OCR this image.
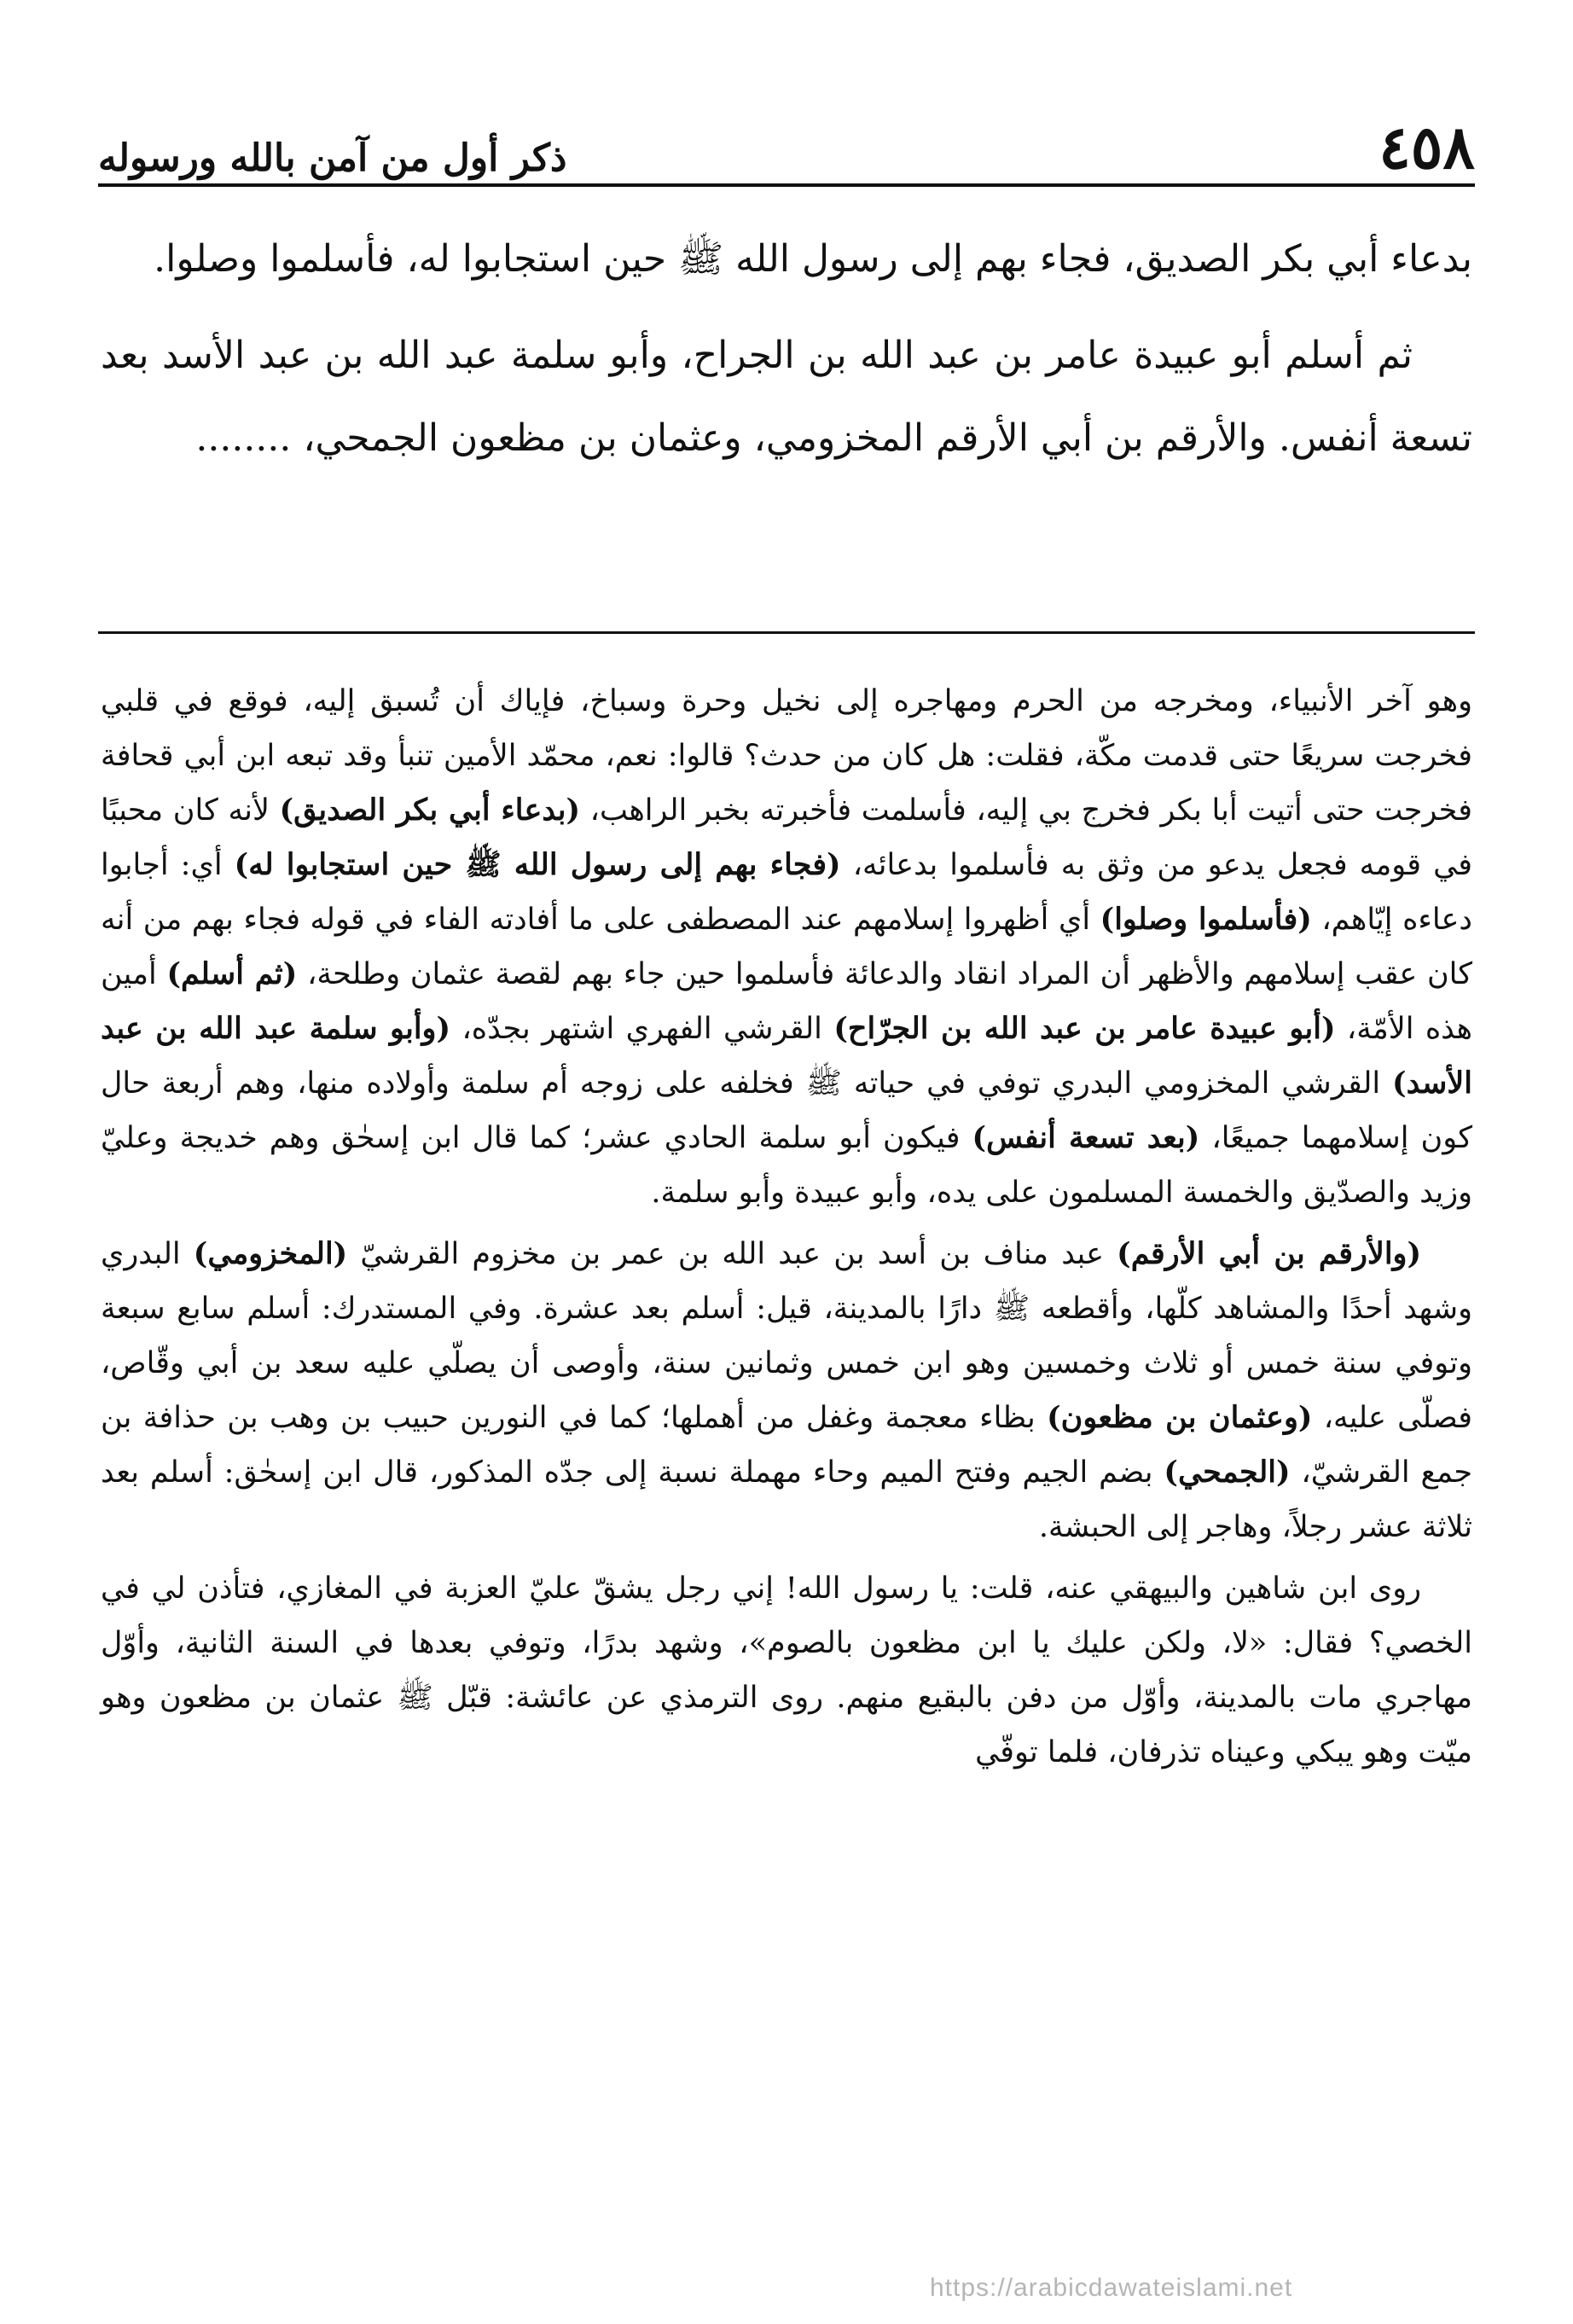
٤٥٨
ذكر أول من آمن بالله ورسوله

بدعاء أبي بكر الصديق، فجاء بهم إلى رسول الله ﷺ حين استجابوا له، فأسلموا وصلوا.

ثم أسلم أبو عبيدة عامر بن عبد الله بن الجراح، وأبو سلمة عبد الله بن عبد الأسد بعد تسعة أنفس. والأرقم بن أبي الأرقم المخزومي، وعثمان بن مظعون الجمحي، ........

وهو آخر الأنبياء، ومخرجه من الحرم ومهاجره إلى نخيل وحرة وسباخ، فإياك أن تُسبق إليه، فوقع في قلبي فخرجت سريعًا حتى قدمت مكّة، فقلت: هل كان من حدث؟ قالوا: نعم، محمّد الأمين تنبأ وقد تبعه ابن أبي قحافة فخرجت حتى أتيت أبا بكر فخرج بي إليه، فأسلمت فأخبرته بخبر الراهب، (بدعاء أبي بكر الصديق) لأنه كان محببًا في قومه فجعل يدعو من وثق به فأسلموا بدعائه، (فجاء بهم إلى رسول الله ﷺ حين استجابوا له) أي: أجابوا دعاءه إيّاهم، (فأسلموا وصلوا) أي أظهروا إسلامهم عند المصطفى على ما أفادته الفاء في قوله فجاء بهم من أنه كان عقب إسلامهم والأظهر أن المراد انقاد والدعائة فأسلموا حين جاء بهم لقصة عثمان وطلحة، (ثم أسلم) أمين هذه الأمّة، (أبو عبيدة عامر بن عبد الله بن الجرّاح) القرشي الفهري اشتهر بجدّه، (وأبو سلمة عبد الله بن عبد الأسد) القرشي المخزومي البدري توفي في حياته ﷺ فخلفه على زوجه أم سلمة وأولاده منها، وهم أربعة حال كون إسلامهما جميعًا، (بعد تسعة أنفس) فيكون أبو سلمة الحادي عشر؛ كما قال ابن إسحٰق وهم خديجة وعليّ وزيد والصدّيق والخمسة المسلمون على يده، وأبو عبيدة وأبو سلمة.

(والأرقم بن أبي الأرقم) عبد مناف بن أسد بن عبد الله بن عمر بن مخزوم القرشيّ (المخزومي) البدري وشهد أحدًا والمشاهد كلّها، وأقطعه ﷺ دارًا بالمدينة، قيل: أسلم بعد عشرة. وفي المستدرك: أسلم سابع سبعة وتوفي سنة خمس أو ثلاث وخمسين وهو ابن خمس وثمانين سنة، وأوصى أن يصلّي عليه سعد بن أبي وقّاص، فصلّى عليه، (وعثمان بن مظعون) بظاء معجمة وغفل من أهملها؛ كما في النورين حبيب بن وهب بن حذافة بن جمع القرشيّ، (الجمحي) بضم الجيم وفتح الميم وحاء مهملة نسبة إلى جدّه المذكور، قال ابن إسحٰق: أسلم بعد ثلاثة عشر رجلاً، وهاجر إلى الحبشة.

روى ابن شاهين والبيهقي عنه، قلت: يا رسول الله! إني رجل يشقّ عليّ العزبة في المغازي، فتأذن لي في الخصي؟ فقال: «لا، ولكن عليك يا ابن مظعون بالصوم»، وشهد بدرًا، وتوفي بعدها في السنة الثانية، وأوّل مهاجري مات بالمدينة، وأوّل من دفن بالبقيع منهم. روى الترمذي عن عائشة: قبّل ﷺ عثمان بن مظعون وهو ميّت وهو يبكي وعيناه تذرفان، فلما توفّي

https://arabicdawateislami.net
